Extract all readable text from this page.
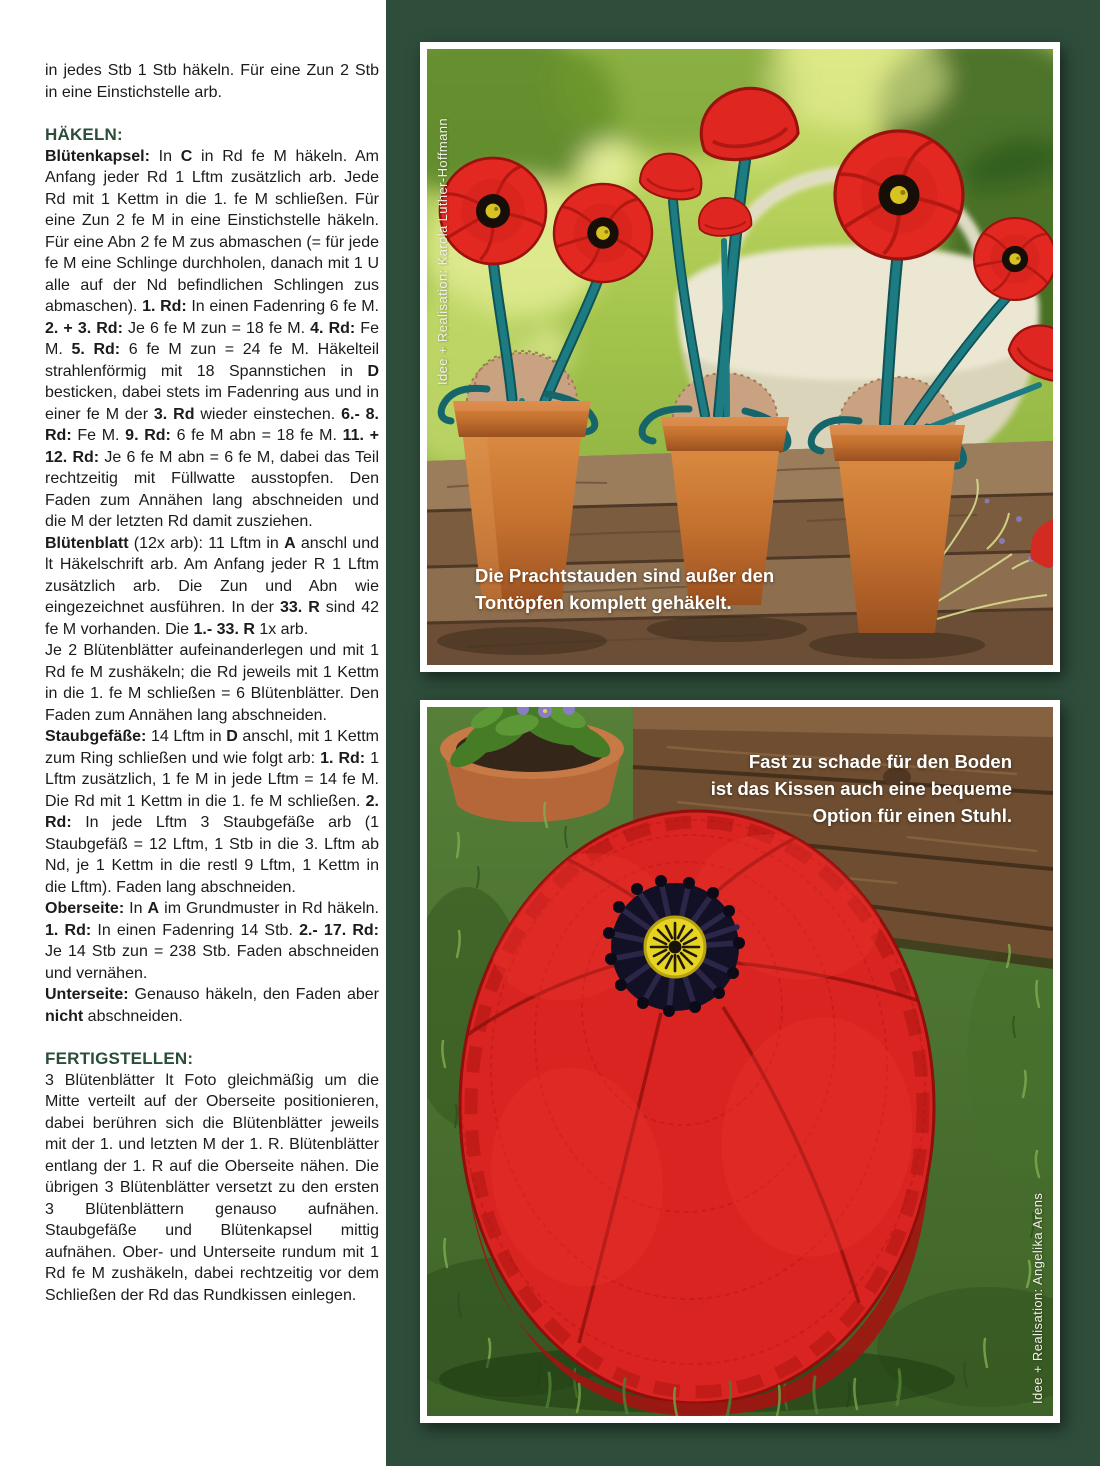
in jedes Stb 1 Stb häkeln. Für eine Zun 2 Stb in eine Einstichstelle arb.

HÄKELN:

Blütenkapsel: In C in Rd fe M häkeln. Am Anfang jeder Rd 1 Lftm zusätzlich arb. Jede Rd mit 1 Kettm in die 1. fe M schließen. Für eine Zun 2 fe M in eine Einstichstelle häkeln. Für eine Abn 2 fe M zus abmaschen (= für jede fe M eine Schlinge durchholen, danach mit 1 U alle auf der Nd befindlichen Schlingen zus abmaschen). 1. Rd: In einen Fadenring 6 fe M. 2. + 3. Rd: Je 6 fe M zun = 18 fe M. 4. Rd: Fe M. 5. Rd: 6 fe M zun = 24 fe M. Häkelteil strahlenförmig mit 18 Spannstichen in D besticken, dabei stets im Fadenring aus und in einer fe M der 3. Rd wieder einstechen. 6.- 8. Rd: Fe M. 9. Rd: 6 fe M abn = 18 fe M. 11. + 12. Rd: Je 6 fe M abn = 6 fe M, dabei das Teil rechtzeitig mit Füllwatte ausstopfen. Den Faden zum Annähen lang abschneiden und die M der letzten Rd damit zusziehen.

Blütenblatt (12x arb): 11 Lftm in A anschl und lt Häkelschrift arb. Am Anfang jeder R 1 Lftm zusätzlich arb. Die Zun und Abn wie eingezeichnet ausführen. In der 33. R sind 42 fe M vorhanden. Die 1.- 33. R 1x arb.

Je 2 Blütenblätter aufeinanderlegen und mit 1 Rd fe M zushäkeln; die Rd jeweils mit 1 Kettm in die 1. fe M schließen = 6 Blütenblätter. Den Faden zum Annähen lang abschneiden.

Staubgefäße: 14 Lftm in D anschl, mit 1 Kettm zum Ring schließen und wie folgt arb: 1. Rd: 1 Lftm zusätzlich, 1 fe M in jede Lftm = 14 fe M. Die Rd mit 1 Kettm in die 1. fe M schließen. 2. Rd: In jede Lftm 3 Staubgefäße arb (1 Staubgefäß = 12 Lftm, 1 Stb in die 3. Lftm ab Nd, je 1 Kettm in die restl 9 Lftm, 1 Kettm in die Lftm). Faden lang abschneiden.

Oberseite: In A im Grundmuster in Rd häkeln. 1. Rd: In einen Fadenring 14 Stb. 2.- 17. Rd: Je 14 Stb zun = 238 Stb. Faden abschneiden und vernähen.

Unterseite: Genauso häkeln, den Faden aber nicht abschneiden.

FERTIGSTELLEN:

3 Blütenblätter lt Foto gleichmäßig um die Mitte verteilt auf der Oberseite positionieren, dabei berühren sich die Blütenblätter jeweils mit der 1. und letzten M der 1. R. Blütenblätter entlang der 1. R auf die Oberseite nähen. Die übrigen 3 Blütenblätter versetzt zu den ersten 3 Blütenblättern genauso aufnähen. Staubgefäße und Blütenkapsel mittig aufnähen. Ober- und Unterseite rundum mit 1 Rd fe M zushäkeln, dabei rechtzeitig vor dem Schließen der Rd das Rundkissen einlegen.

Die Prachtstauden sind außer den
Tontöpfen komplett gehäkelt.
Idee + Realisation: Karola Luther-Hoffmann
Fast zu schade für den Boden
ist das Kissen auch eine bequeme
Option für einen Stuhl.
Idee + Realisation: Angelika Arens
